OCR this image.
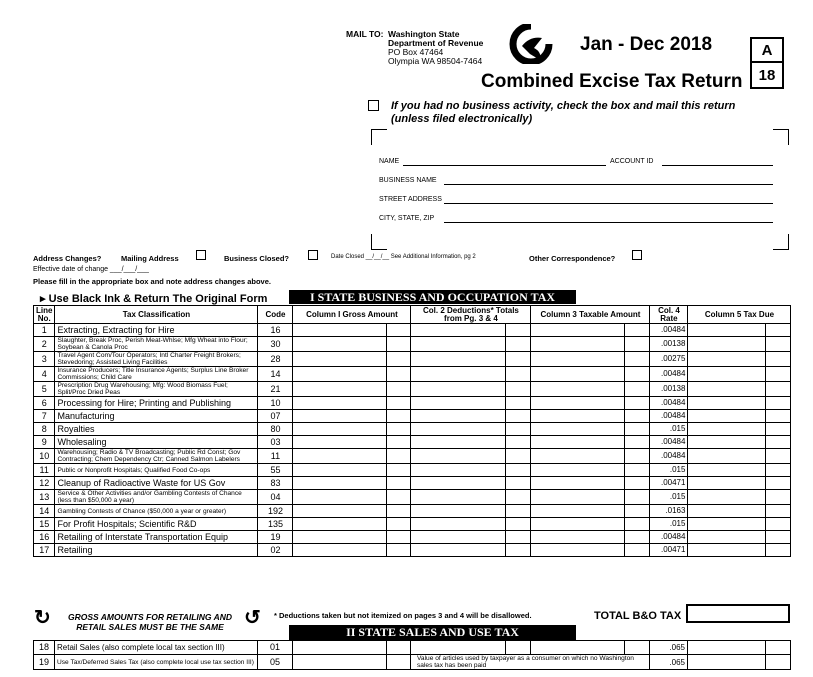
MAIL TO: Washington State
Department of Revenue
PO Box 47464
Olympia WA 98504-7464
Jan - Dec 2018	A
18
Combined Excise Tax Return
If you had no business activity, check the box and mail this return
(unless filed electronically)
NAME	ACCOUNT ID
BUSINESS NAME
STREET ADDRESS
CITY, STATE, ZIP
Address Changes?	Mailing Address	Business Closed?	Date Closed __/__/__ See Additional Information, pg 2	Other Correspondence?
Effective date of change ___/___/___
Please fill in the appropriate box and note address changes above.
▸ Use Black Ink & Return The Original Form	I STATE BUSINESS AND OCCUPATION TAX
Line No.	Tax Classification	Code	Column I Gross Amount		Col. 2 Deductions* Totals from Pg. 3 & 4		Column 3 Taxable Amount		Col. 4 Rate	Column 5 Tax Due	
1	Extracting, Extracting for Hire	16							.00484		
2	Slaughter, Break Proc, Perish Meat-Whlse; Mfg Wheat into Flour; Soybean & Canola Proc	30							.00138		
3	Travel Agent Com/Tour Operators; Intl Charter Freight Brokers; Stevedoring; Assisted Living Facilities	28							.00275		
4	Insurance Producers; Title Insurance Agents; Surplus Line Broker Commissions; Child Care	14							.00484		
5	Prescription Drug Warehousing; Mfg: Wood Biomass Fuel; Split/Proc Dried Peas	21							.00138		
6	Processing for Hire; Printing and Publishing	10							.00484		
7	Manufacturing	07							.00484		
8	Royalties	80							.015		
9	Wholesaling	03							.00484		
10	Warehousing; Radio & TV Broadcasting; Public Rd Const; Gov Contracting; Chem Dependency Ctr; Canned Salmon Labelers	11							.00484		
11	Public or Nonprofit Hospitals; Qualified Food Co-ops	55							.015		
12	Cleanup of Radioactive Waste for US Gov	83							.00471		
13	Service & Other Activities and/or Gambling Contests of Chance (less than $50,000 a year)	04							.015		
14	Gambling Contests of Chance ($50,000 a year or greater)	192							.0163		
15	For Profit Hospitals; Scientific R&D	135							.015		
16	Retailing of Interstate Transportation Equip	19							.00484		
17	Retailing	02							.00471		
↻	GROSS AMOUNTS FOR RETAILING AND RETAIL SALES MUST BE THE SAME	↺ * Deductions taken but not itemized on pages 3 and 4 will be disallowed.	TOTAL B&O TAX
II STATE SALES AND USE TAX
18	Retail Sales (also complete local tax section III)	01							.065		
19	Use Tax/Deferred Sales Tax (also complete local use tax section III)	05			Value of articles used by taxpayer as a consumer on which no Washington sales tax has been paid				.065		
